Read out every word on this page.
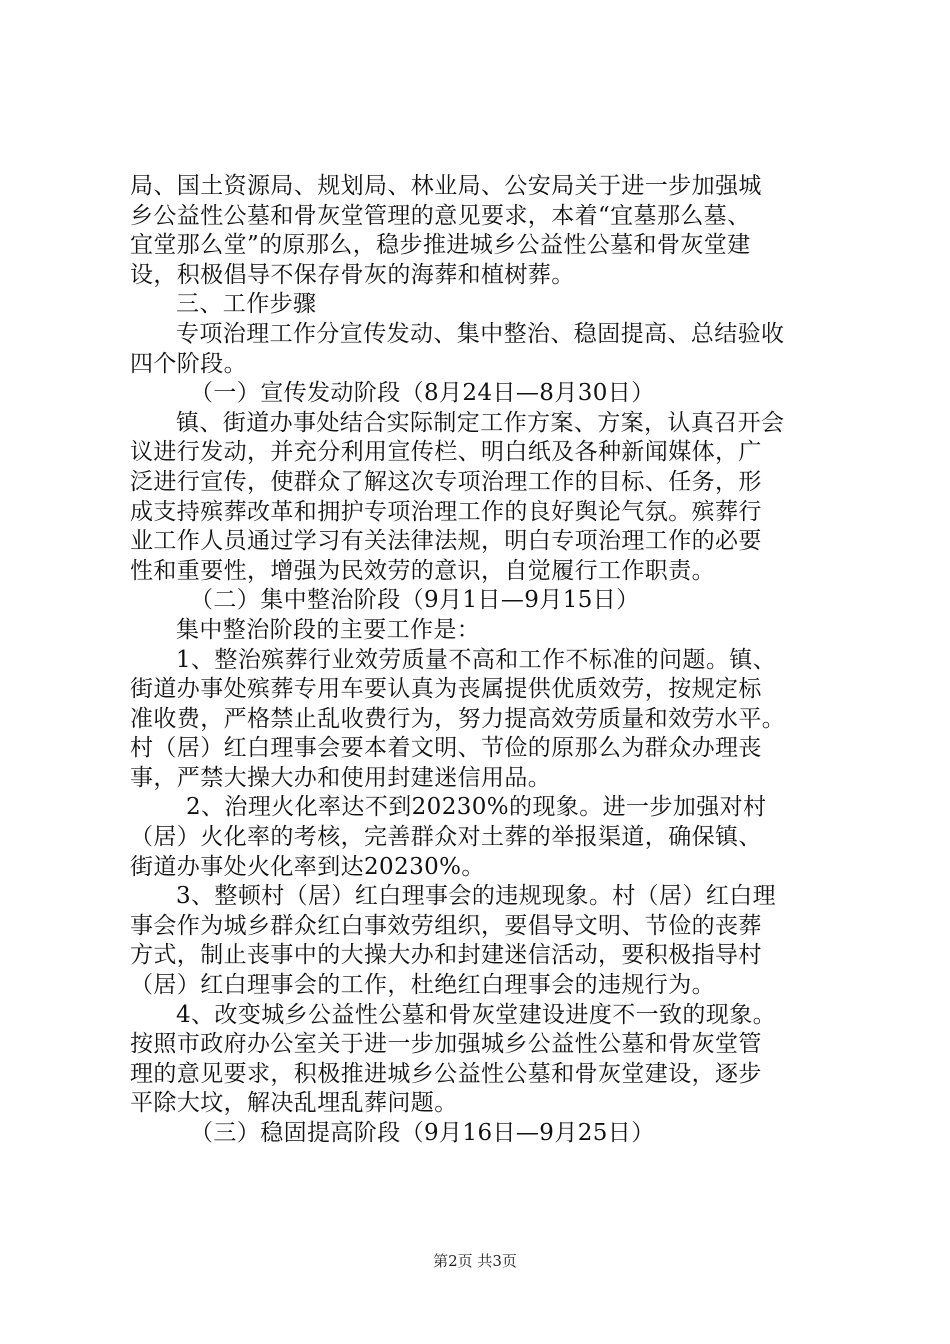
局、国土资源局、规划局、林业局、公安局关于进一步加强城

乡公益性公墓和骨灰堂管理的意见要求，本着“宜墓那么墓、

宜堂那么堂”的原那么，稳步推进城乡公益性公墓和骨灰堂建

设，积极倡导不保存骨灰的海葬和植树葬。

三、工作步骤

专项治理工作分宣传发动、集中整治、稳固提高、总结验收

四个阶段。

（一）宣传发动阶段（8月24日—8月30日）

镇、街道办事处结合实际制定工作方案、方案，认真召开会

议进行发动，并充分利用宣传栏、明白纸及各种新闻媒体，广

泛进行宣传，使群众了解这次专项治理工作的目标、任务，形

成支持殡葬改革和拥护专项治理工作的良好舆论气氛。殡葬行

业工作人员通过学习有关法律法规，明白专项治理工作的必要

性和重要性，增强为民效劳的意识，自觉履行工作职责。

（二）集中整治阶段（9月1日—9月15日）

集中整治阶段的主要工作是：

1、整治殡葬行业效劳质量不高和工作不标准的问题。镇、

街道办事处殡葬专用车要认真为丧属提供优质效劳，按规定标

准收费，严格禁止乱收费行为，努力提高效劳质量和效劳水平。

村（居）红白理事会要本着文明、节俭的原那么为群众办理丧

事，严禁大操大办和使用封建迷信用品。

2、治理火化率达不到20230%的现象。进一步加强对村

（居）火化率的考核，完善群众对土葬的举报渠道，确保镇、

街道办事处火化率到达20230%。

3、整顿村（居）红白理事会的违规现象。村（居）红白理

事会作为城乡群众红白事效劳组织，要倡导文明、节俭的丧葬

方式，制止丧事中的大操大办和封建迷信活动，要积极指导村

（居）红白理事会的工作，杜绝红白理事会的违规行为。

4、改变城乡公益性公墓和骨灰堂建设进度不一致的现象。

按照市政府办公室关于进一步加强城乡公益性公墓和骨灰堂管

理的意见要求，积极推进城乡公益性公墓和骨灰堂建设，逐步

平除大坟，解决乱埋乱葬问题。

（三）稳固提高阶段（9月16日—9月25日）

第2页 共3页
